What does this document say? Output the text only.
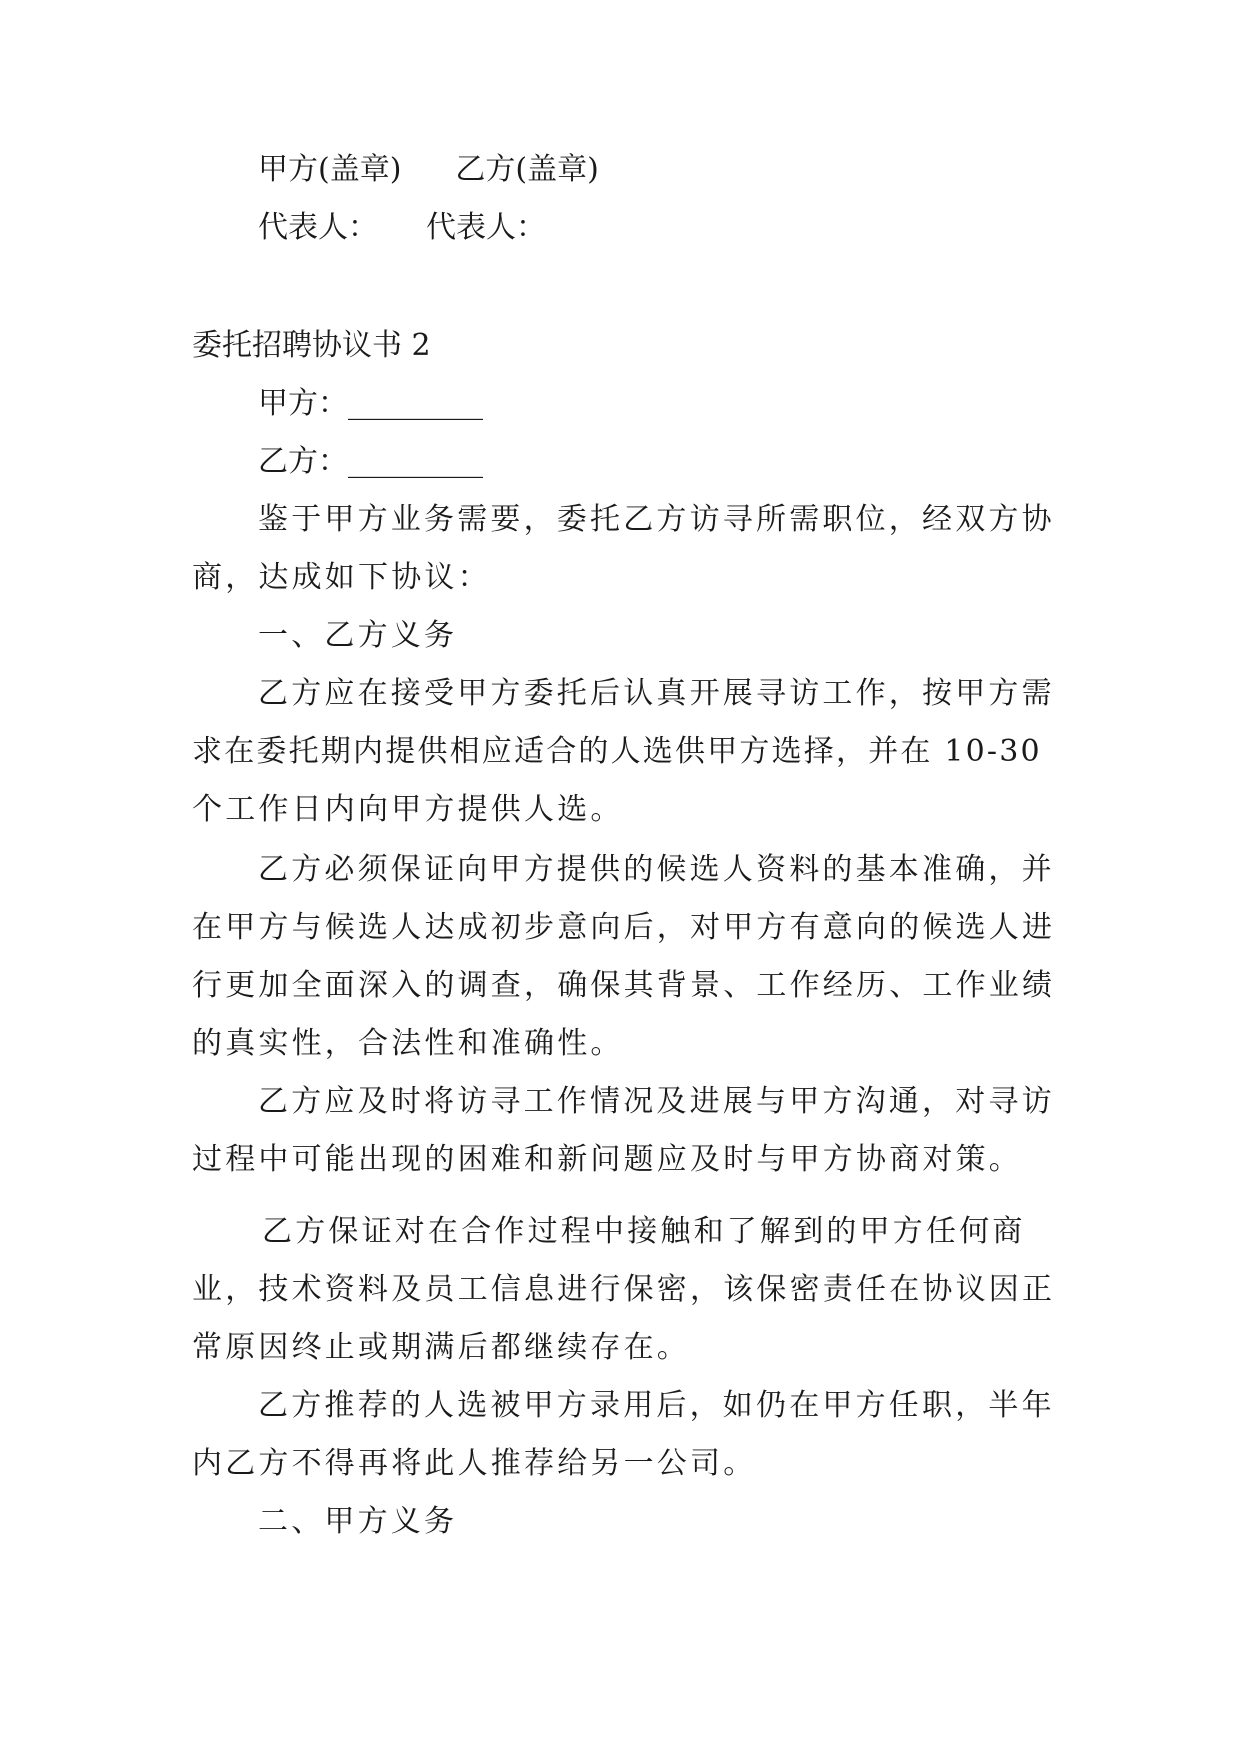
甲方(盖章) 乙方(盖章)
代表人： 代表人：
委托招聘协议书 2
甲方：_________
乙方：_________
鉴于甲方业务需要，委托乙方访寻所需职位，经双方协
商，达成如下协议：
一、乙方义务
乙方应在接受甲方委托后认真开展寻访工作，按甲方需
求在委托期内提供相应适合的人选供甲方选择，并在 10-30
个工作日内向甲方提供人选。
乙方必须保证向甲方提供的候选人资料的基本准确，并
在甲方与候选人达成初步意向后，对甲方有意向的候选人进
行更加全面深入的调查，确保其背景、工作经历、工作业绩
的真实性，合法性和准确性。
乙方应及时将访寻工作情况及进展与甲方沟通，对寻访
过程中可能出现的困难和新问题应及时与甲方协商对策。
乙方保证对在合作过程中接触和了解到的甲方任何商
业，技术资料及员工信息进行保密，该保密责任在协议因正
常原因终止或期满后都继续存在。
乙方推荐的人选被甲方录用后，如仍在甲方任职，半年
内乙方不得再将此人推荐给另一公司。
二、甲方义务
